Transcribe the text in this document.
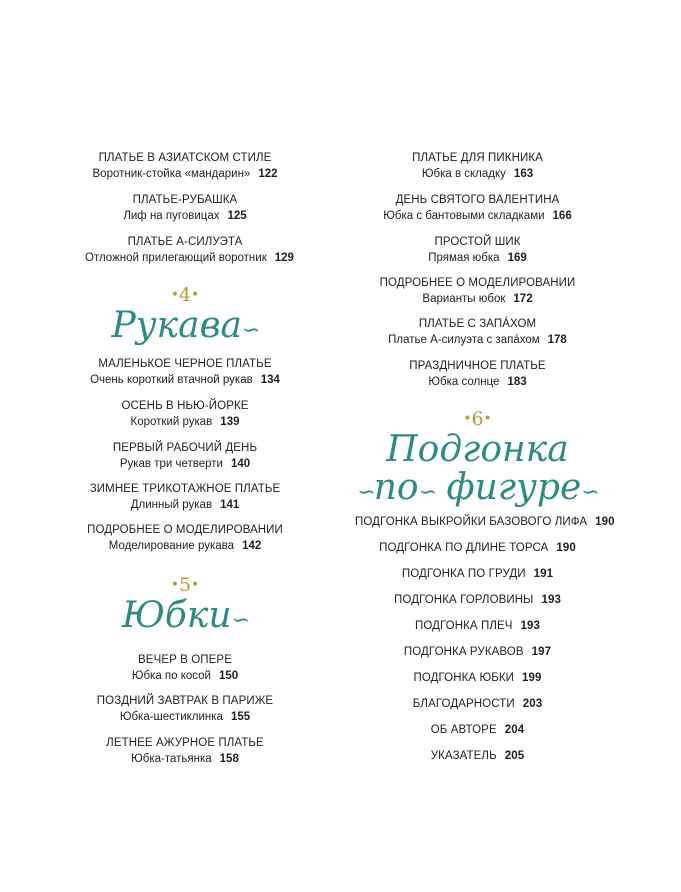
ПЛАТЬЕ В АЗИАТСКОМ СТИЛЕ
Воротник-стойка «мандарин» 122
ПЛАТЬЕ-РУБАШКА
Лиф на пуговицах 125
ПЛАТЬЕ А-СИЛУЭТА
Отложной прилегающий воротник 129
•4•
Рукава∽
МАЛЕНЬКОЕ ЧЕРНОЕ ПЛАТЬЕ
Очень короткий втачной рукав 134
ОСЕНЬ В НЬЮ-ЙОРКЕ
Короткий рукав 139
ПЕРВЫЙ РАБОЧИЙ ДЕНЬ
Рукав три четверти 140
ЗИМНЕЕ ТРИКОТАЖНОЕ ПЛАТЬЕ
Длинный рукав 141
ПОДРОБНЕЕ О МОДЕЛИРОВАНИИ
Моделирование рукава 142
•5•
Юбки∽
ВЕЧЕР В ОПЕРЕ
Юбка по косой 150
ПОЗДНИЙ ЗАВТРАК В ПАРИЖЕ
Юбка-шестиклинка 155
ЛЕТНЕЕ АЖУРНОЕ ПЛАТЬЕ
Юбка-татьянка 158
ПЛАТЬЕ ДЛЯ ПИКНИКА
Юбка в складку 163
ДЕНЬ СВЯТОГО ВАЛЕНТИНА
Юбка с бантовыми складками 166
ПРОСТОЙ ШИК
Прямая юбка 169
ПОДРОБНЕЕ О МОДЕЛИРОВАНИИ
Варианты юбок 172
ПЛАТЬЕ С ЗАПÁХОМ
Платье А-силуэта с запáхом 178
ПРАЗДНИЧНОЕ ПЛАТЬЕ
Юбка солнце 183
•6•
Подгонка
∽по∽ фигуре∽
ПОДГОНКА ВЫКРОЙКИ БАЗОВОГО ЛИФА 190
ПОДГОНКА ПО ДЛИНЕ ТОРСА 190
ПОДГОНКА ПО ГРУДИ 191
ПОДГОНКА ГОРЛОВИНЫ 193
ПОДГОНКА ПЛЕЧ 193
ПОДГОНКА РУКАВОВ 197
ПОДГОНКА ЮБКИ 199
БЛАГОДАРНОСТИ 203
ОБ АВТОРЕ 204
УКАЗАТЕЛЬ 205
